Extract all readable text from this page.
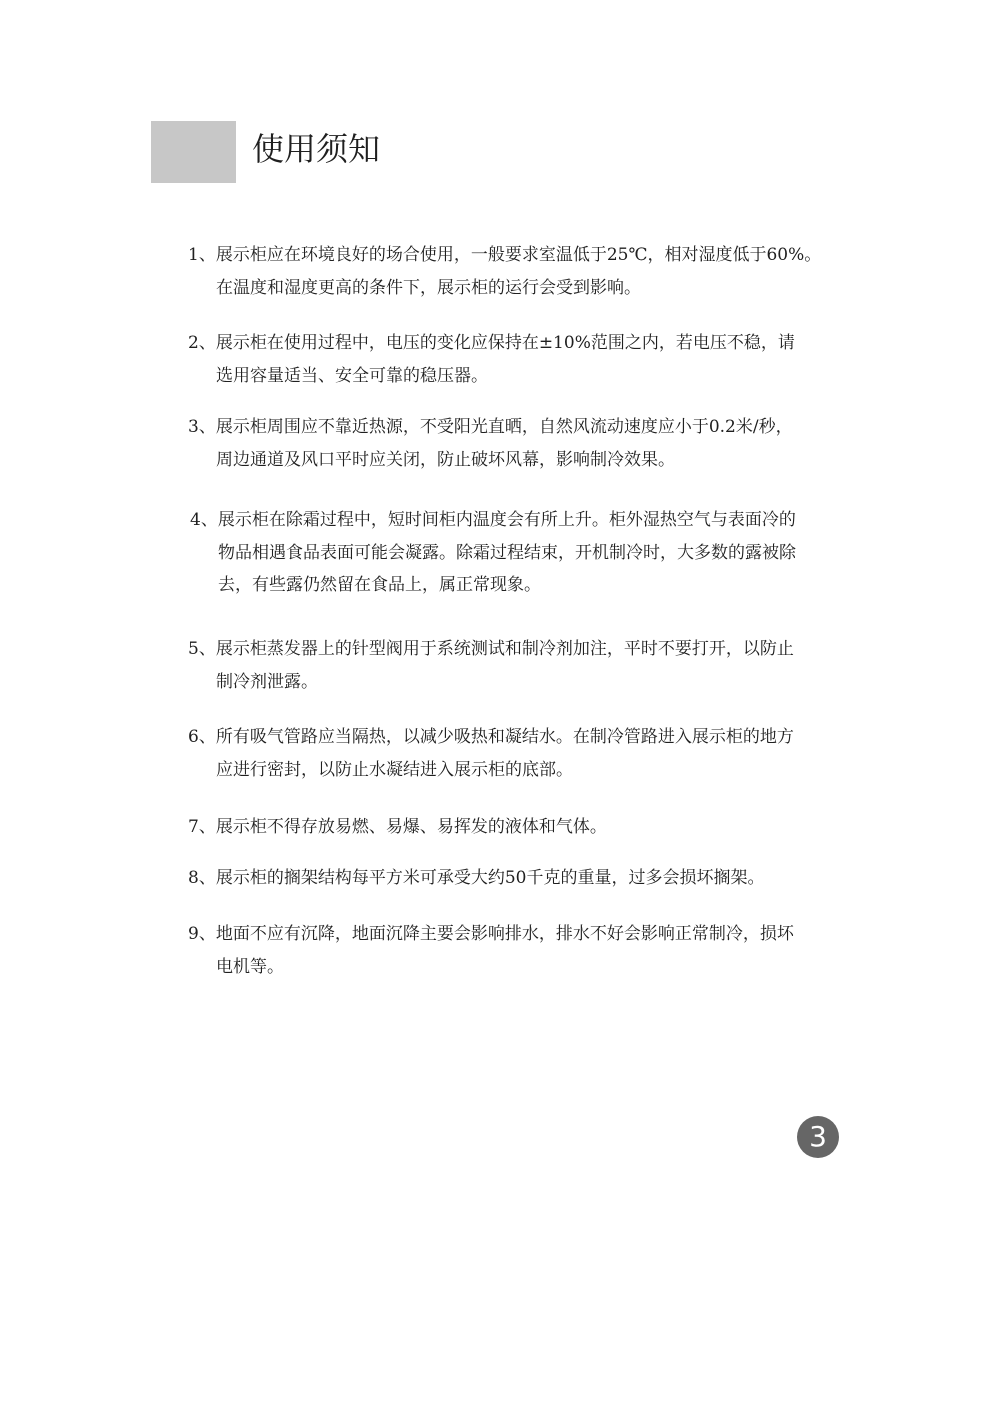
使用须知
1、展示柜应在环境良好的场合使用，一般要求室温低于25℃，相对湿度低于60%。
在温度和湿度更高的条件下，展示柜的运行会受到影响。
2、展示柜在使用过程中，电压的变化应保持在±10%范围之内，若电压不稳，请
选用容量适当、安全可靠的稳压器。
3、展示柜周围应不靠近热源，不受阳光直晒，自然风流动速度应小于0.2米/秒，
周边通道及风口平时应关闭，防止破坏风幕，影响制冷效果。
4、展示柜在除霜过程中，短时间柜内温度会有所上升。柜外湿热空气与表面冷的
物品相遇食品表面可能会凝露。除霜过程结束，开机制冷时，大多数的露被除
去，有些露仍然留在食品上，属正常现象。
5、展示柜蒸发器上的针型阀用于系统测试和制冷剂加注，平时不要打开，以防止
制冷剂泄露。
6、所有吸气管路应当隔热，以减少吸热和凝结水。在制冷管路进入展示柜的地方
应进行密封，以防止水凝结进入展示柜的底部。
7、展示柜不得存放易燃、易爆、易挥发的液体和气体。
8、展示柜的搁架结构每平方米可承受大约50千克的重量，过多会损坏搁架。
9、地面不应有沉降，地面沉降主要会影响排水，排水不好会影响正常制冷，损坏
电机等。
3
